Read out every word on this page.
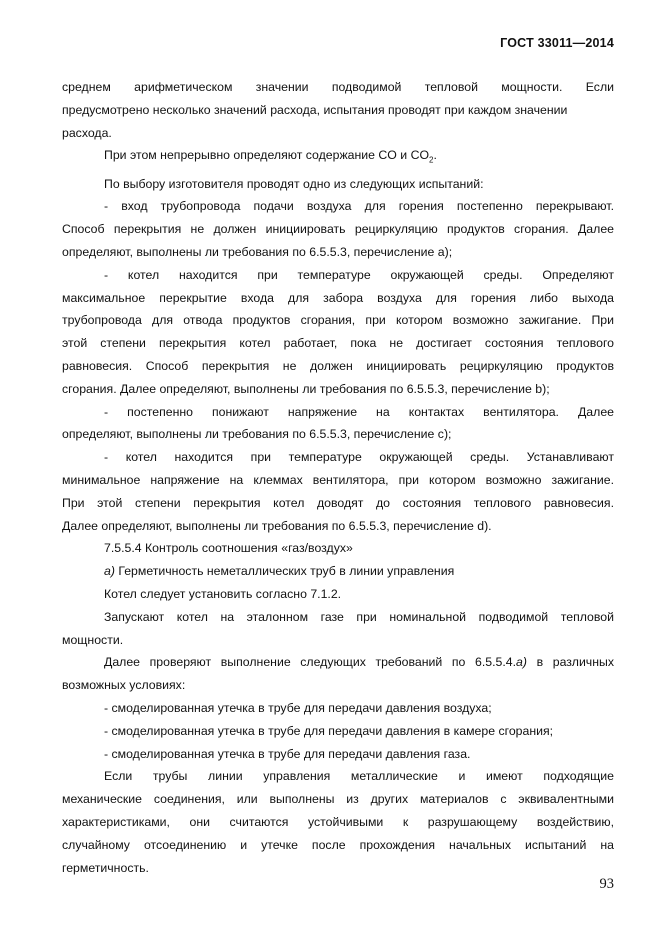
ГОСТ 33011—2014

среднем арифметическом значении подводимой тепловой мощности. Если
предусмотрено несколько значений расхода, испытания проводят при каждом значении
расхода.

При этом непрерывно определяют содержание CO и $CO_2$.

По выбору изготовителя проводят одно из следующих испытаний:

- вход трубопровода подачи воздуха для горения постепенно перекрывают.
Способ перекрытия не должен инициировать рециркуляцию продуктов сгорания. Далее
определяют, выполнены ли требования по 6.5.5.3, перечисление а);

- котел находится при температуре окружающей среды. Определяют
максимальное перекрытие входа для забора воздуха для горения либо выхода
трубопровода для отвода продуктов сгорания, при котором возможно зажигание. При
этой степени перекрытия котел работает, пока не достигает состояния теплового
равновесия. Способ перекрытия не должен инициировать рециркуляцию продуктов
сгорания. Далее определяют, выполнены ли требования по 6.5.5.3, перечисление b);

- постепенно понижают напряжение на контактах вентилятора. Далее
определяют, выполнены ли требования по 6.5.5.3, перечисление с);

- котел находится при температуре окружающей среды. Устанавливают
минимальное напряжение на клеммах вентилятора, при котором возможно зажигание.
При этой степени перекрытия котел доводят до состояния теплового равновесия.
Далее определяют, выполнены ли требования по 6.5.5.3, перечисление d).

7.5.5.4 Контроль соотношения «газ/воздух»

a) Герметичность неметаллических труб в линии управления

Котел следует установить согласно 7.1.2.

Запускают котел на эталонном газе при номинальной подводимой тепловой
мощности.

Далее проверяют выполнение следующих требований по 6.5.5.4.а) в различных
возможных условиях:

- смоделированная утечка в трубе для передачи давления воздуха;

- смоделированная утечка в трубе для передачи давления в камере сгорания;

- смоделированная утечка в трубе для передачи давления газа.

Если трубы линии управления металлические и имеют подходящие
механические соединения, или выполнены из других материалов с эквивалентными
характеристиками, они считаются устойчивыми к разрушающему воздействию,
случайному отсоединению и утечке после прохождения начальных испытаний на
герметичность.

93
